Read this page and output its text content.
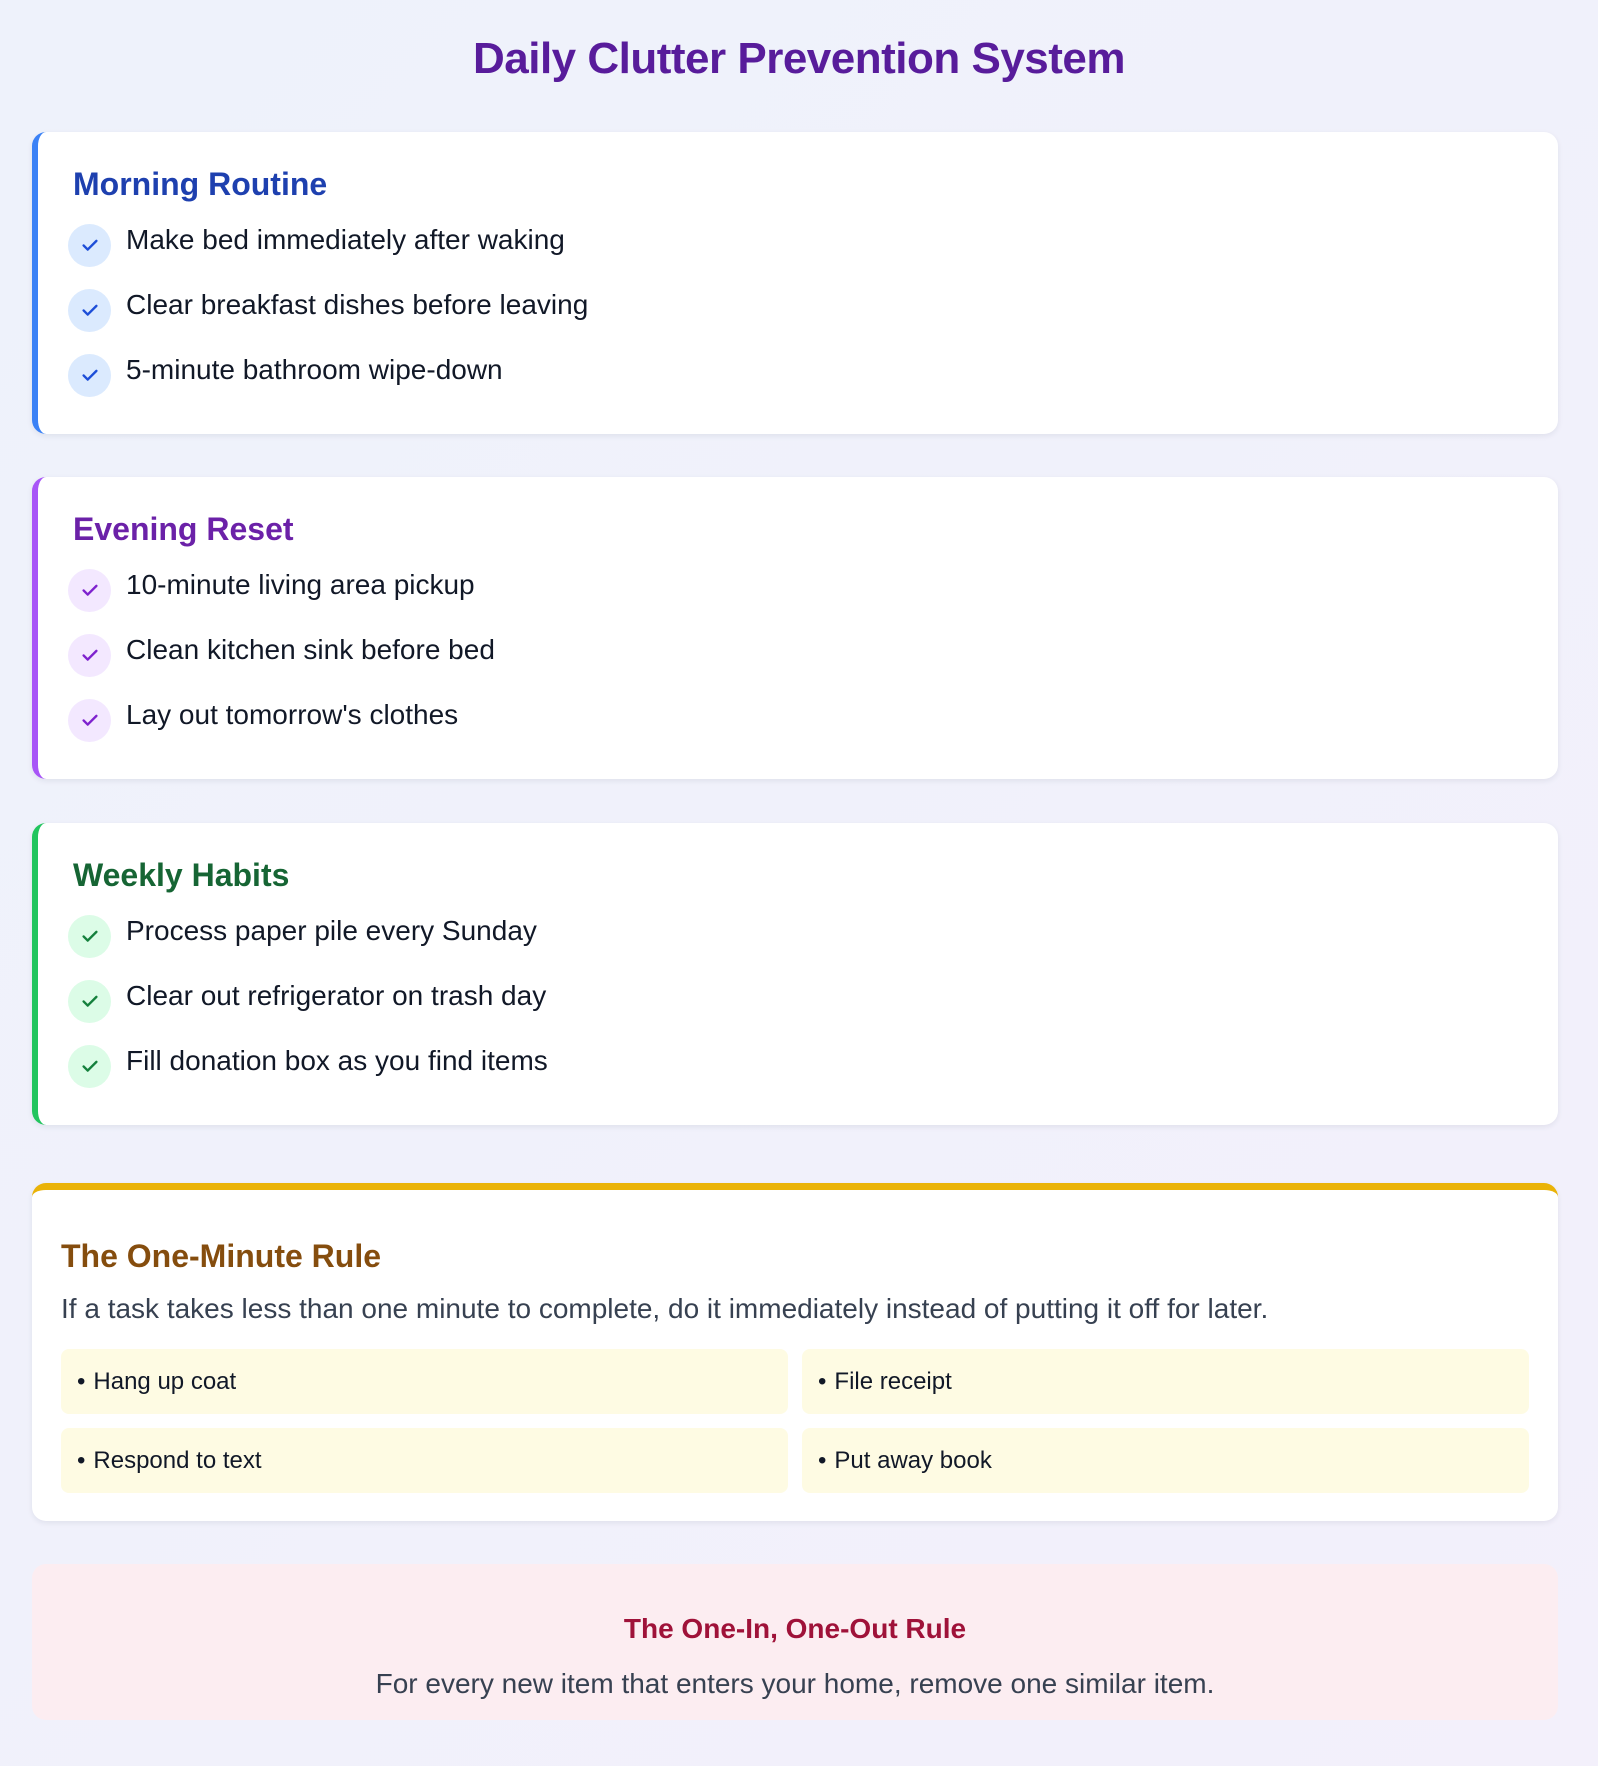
Daily Clutter Prevention System
Morning Routine
Make bed immediately after waking
Clear breakfast dishes before leaving
5-minute bathroom wipe-down
Evening Reset
10-minute living area pickup
Clean kitchen sink before bed
Lay out tomorrow's clothes
Weekly Habits
Process paper pile every Sunday
Clear out refrigerator on trash day
Fill donation box as you find items
The One-Minute Rule

If a task takes less than one minute to complete, do it immediately instead of putting it off for later.

• Hang up coat	• File receipt
• Respond to text	• Put away book
The One-In, One-Out Rule

For every new item that enters your home, remove one similar item.
